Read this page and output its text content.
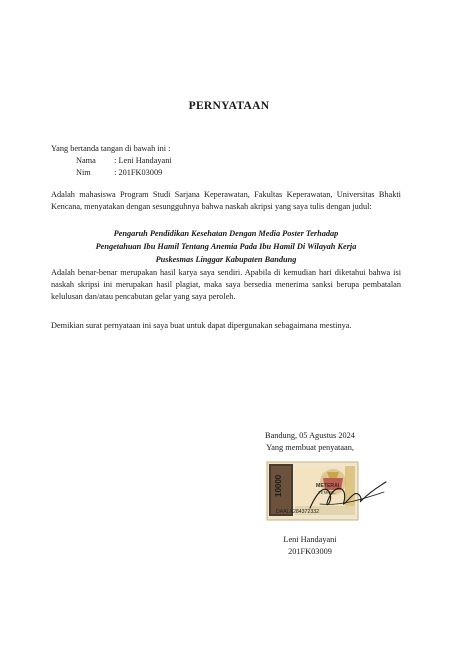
PERNYATAAN
Yang bertanda tangan di bawah ini :
Nama : Leni Handayani
Nim	: 201FK03009
Adalah mahasiswa Program Studi Sarjana Keperawatan, Fakultas Keperawatan, Universitas Bhakti Kencana, menyatakan dengan sesungguhnya bahwa naskah akripsi yang saya tulis dengan judul:
Pengaruh Pendidikan Kesehatan Dengan Media Poster Terhadap
Pengetahuan Ibu Hamil Tentang Anemia Pada Ibu Hamil Di Wilayah Kerja
Puskesmas Linggar Kabupaten Bandung
Adalah benar-benar merupakan hasil karya saya sendiri. Apabila di kemudian hari diketahui bahwa isi naskah skripsi ini merupakan hasil plagiat, maka saya bersedia menerima sanksi berupa pembatalan kelulusan dan/atau pencabutan gelar yang saya peroleh.
Demikian surat pernyataan ini saya buat untuk dapat dipergunakan sebagaimana mestinya.
Bandung, 05 Agustus 2024
Yang membuat penyataan,
10000	METERAI
TEMPEL
DAALX284372332
Leni Handayani
201FK03009
